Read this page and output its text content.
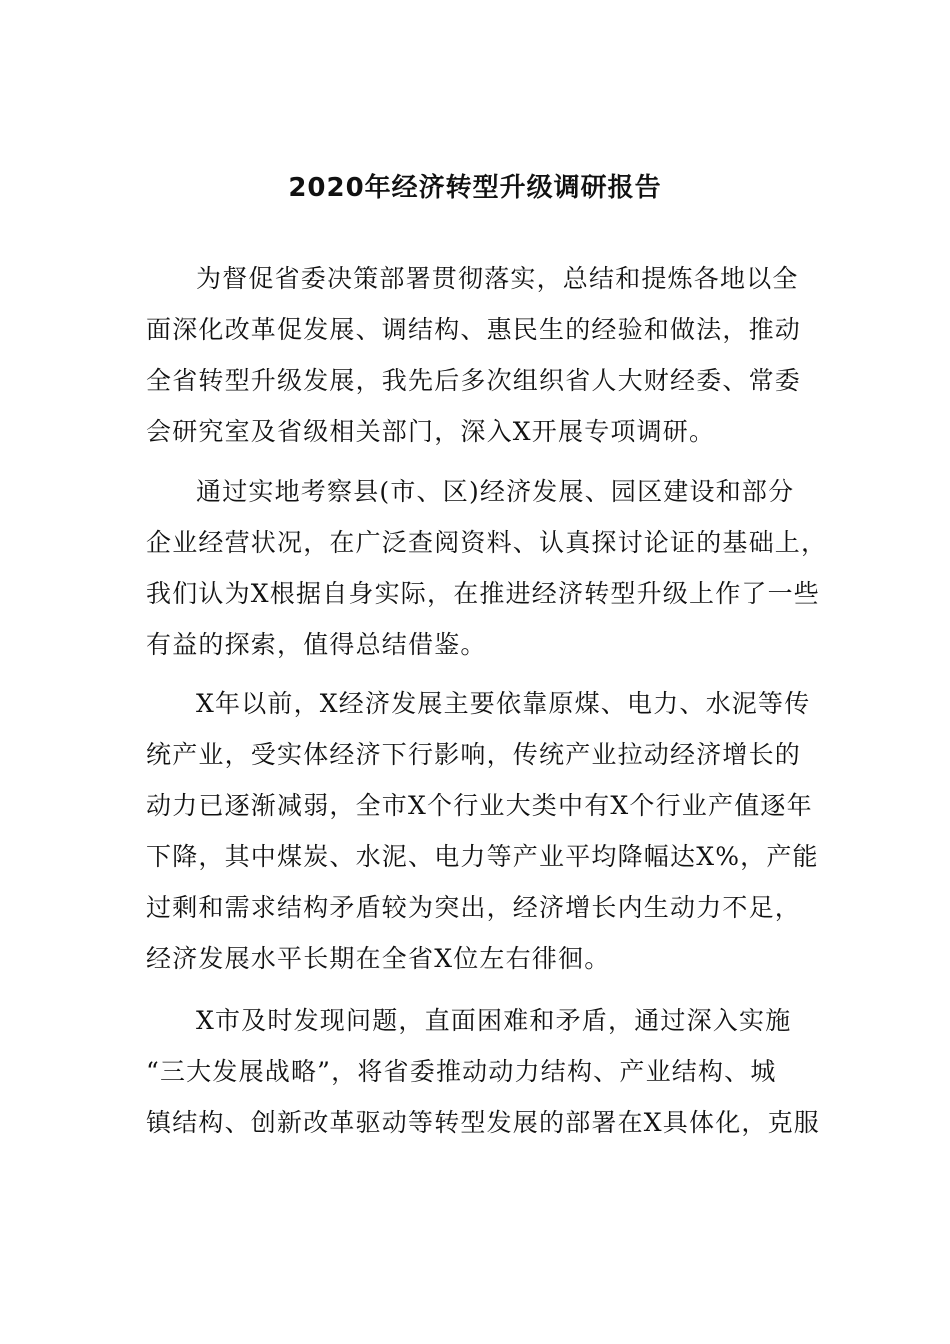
2020年经济转型升级调研报告
为督促省委决策部署贯彻落实，总结和提炼各地以全
面深化改革促发展、调结构、惠民生的经验和做法，推动
全省转型升级发展，我先后多次组织省人大财经委、常委
会研究室及省级相关部门，深入X开展专项调研。
通过实地考察县(市、区)经济发展、园区建设和部分
企业经营状况，在广泛查阅资料、认真探讨论证的基础上，
我们认为X根据自身实际，在推进经济转型升级上作了一些
有益的探索，值得总结借鉴。
X年以前，X经济发展主要依靠原煤、电力、水泥等传
统产业，受实体经济下行影响，传统产业拉动经济增长的
动力已逐渐减弱，全市X个行业大类中有X个行业产值逐年
下降，其中煤炭、水泥、电力等产业平均降幅达X%，产能
过剩和需求结构矛盾较为突出，经济增长内生动力不足，
经济发展水平长期在全省X位左右徘徊。
X市及时发现问题，直面困难和矛盾，通过深入实施
“三大发展战略”，将省委推动动力结构、产业结构、城
镇结构、创新改革驱动等转型发展的部署在X具体化，克服
